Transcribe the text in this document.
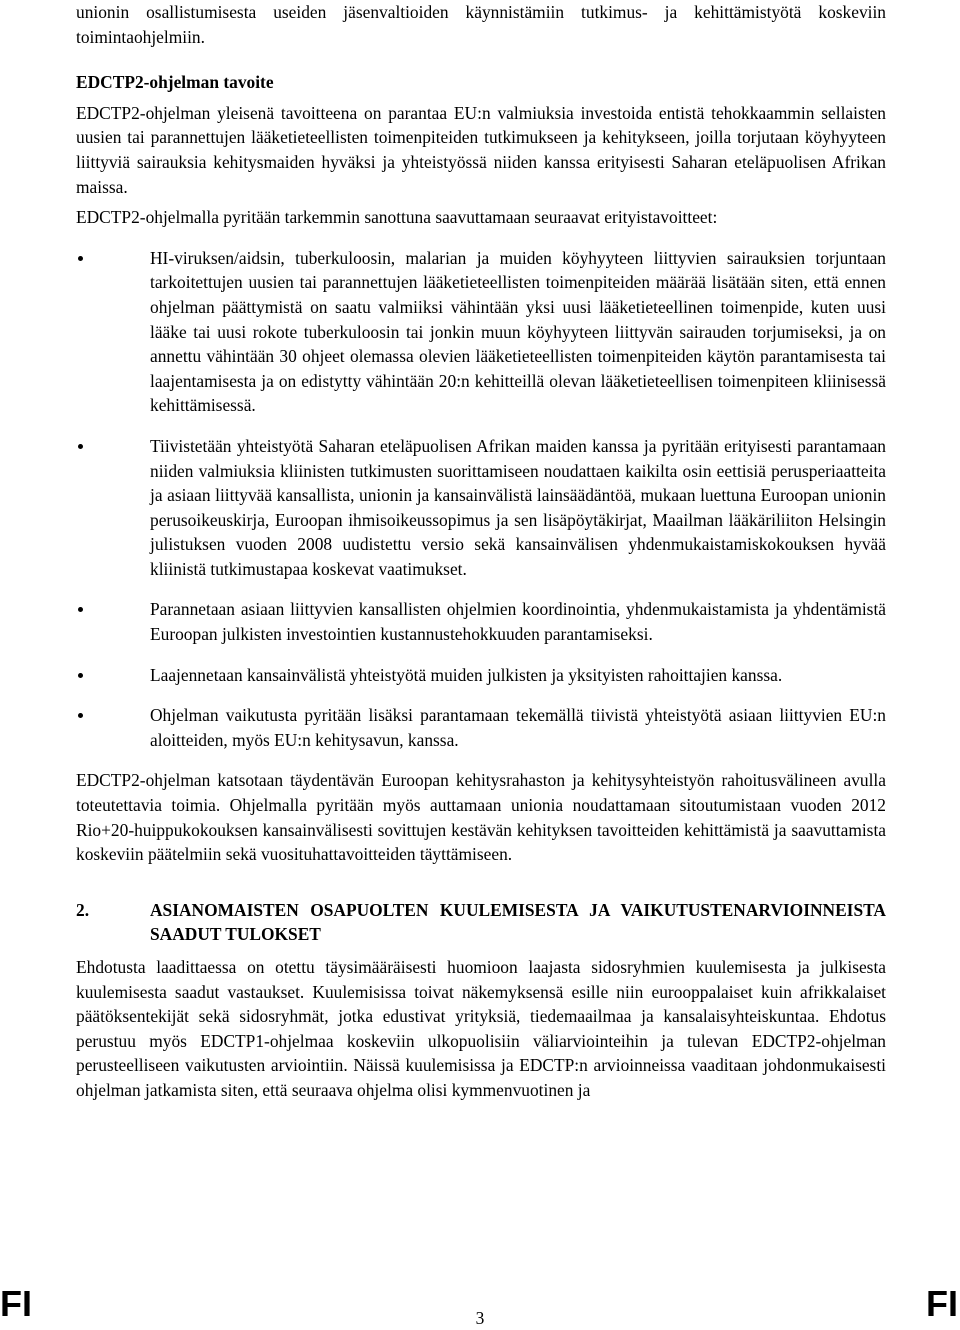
unionin osallistumisesta useiden jäsenvaltioiden käynnistämiin tutkimus- ja kehittämistyötä koskeviin toimintaohjelmiin.

EDCTP2-ohjelman tavoite

EDCTP2-ohjelman yleisenä tavoitteena on parantaa EU:n valmiuksia investoida entistä tehokkaammin sellaisten uusien tai parannettujen lääketieteellisten toimenpiteiden tutkimukseen ja kehitykseen, joilla torjutaan köyhyyteen liittyviä sairauksia kehitysmaiden hyväksi ja yhteistyössä niiden kanssa erityisesti Saharan eteläpuolisen Afrikan maissa.

EDCTP2-ohjelmalla pyritään tarkemmin sanottuna saavuttamaan seuraavat erityistavoitteet:

HI-viruksen/aidsin, tuberkuloosin, malarian ja muiden köyhyyteen liittyvien sairauksien torjuntaan tarkoitettujen uusien tai parannettujen lääketieteellisten toimenpiteiden määrää lisätään siten, että ennen ohjelman päättymistä on saatu valmiiksi vähintään yksi uusi lääketieteellinen toimenpide, kuten uusi lääke tai uusi rokote tuberkuloosin tai jonkin muun köyhyyteen liittyvän sairauden torjumiseksi, ja on annettu vähintään 30 ohjeet olemassa olevien lääketieteellisten toimenpiteiden käytön parantamisesta tai laajentamisesta ja on edistytty vähintään 20:n kehitteillä olevan lääketieteellisen toimenpiteen kliinisessä kehittämisessä.

Tiivistetään yhteistyötä Saharan eteläpuolisen Afrikan maiden kanssa ja pyritään erityisesti parantamaan niiden valmiuksia kliinisten tutkimusten suorittamiseen noudattaen kaikilta osin eettisiä perusperiaatteita ja asiaan liittyvää kansallista, unionin ja kansainvälistä lainsäädäntöä, mukaan luettuna Euroopan unionin perusoikeuskirja, Euroopan ihmisoikeussopimus ja sen lisäpöytäkirjat, Maailman lääkäriliiton Helsingin julistuksen vuoden 2008 uudistettu versio sekä kansainvälisen yhdenmukaistamiskokouksen hyvää kliinistä tutkimustapaa koskevat vaatimukset.

Parannetaan asiaan liittyvien kansallisten ohjelmien koordinointia, yhdenmukaistamista ja yhdentämistä Euroopan julkisten investointien kustannustehokkuuden parantamiseksi.

Laajennetaan kansainvälistä yhteistyötä muiden julkisten ja yksityisten rahoittajien kanssa.

Ohjelman vaikutusta pyritään lisäksi parantamaan tekemällä tiivistä yhteistyötä asiaan liittyvien EU:n aloitteiden, myös EU:n kehitysavun, kanssa.

EDCTP2-ohjelman katsotaan täydentävän Euroopan kehitysrahaston ja kehitysyhteistyön rahoitusvälineen avulla toteutettavia toimia. Ohjelmalla pyritään myös auttamaan unionia noudattamaan sitoutumistaan vuoden 2012 Rio+20-huippukokouksen kansainvälisesti sovittujen kestävän kehityksen tavoitteiden kehittämistä ja saavuttamista koskeviin päätelmiin sekä vuosituhattavoitteiden täyttämiseen.

2.	ASIANOMAISTEN OSAPUOLTEN KUULEMISESTA JA VAIKUTUSTENARVIOINNEISTA SAADUT TULOKSET

Ehdotusta laadittaessa on otettu täysimääräisesti huomioon laajasta sidosryhmien kuulemisesta ja julkisesta kuulemisesta saadut vastaukset. Kuulemisissa toivat näkemyksensä esille niin eurooppalaiset kuin afrikkalaiset päätöksentekijät sekä sidosryhmät, jotka edustivat yrityksiä, tiedemaailmaa ja kansalaisyhteiskuntaa. Ehdotus perustuu myös EDCTP1-ohjelmaa koskeviin ulkopuolisiin väliarviointeihin ja tulevan EDCTP2-ohjelman perusteelliseen vaikutusten arviointiin. Näissä kuulemisissa ja EDCTP:n arvioinneissa vaaditaan johdonmukaisesti ohjelman jatkamista siten, että seuraava ohjelma olisi kymmenvuotinen ja

FI	3	FI
